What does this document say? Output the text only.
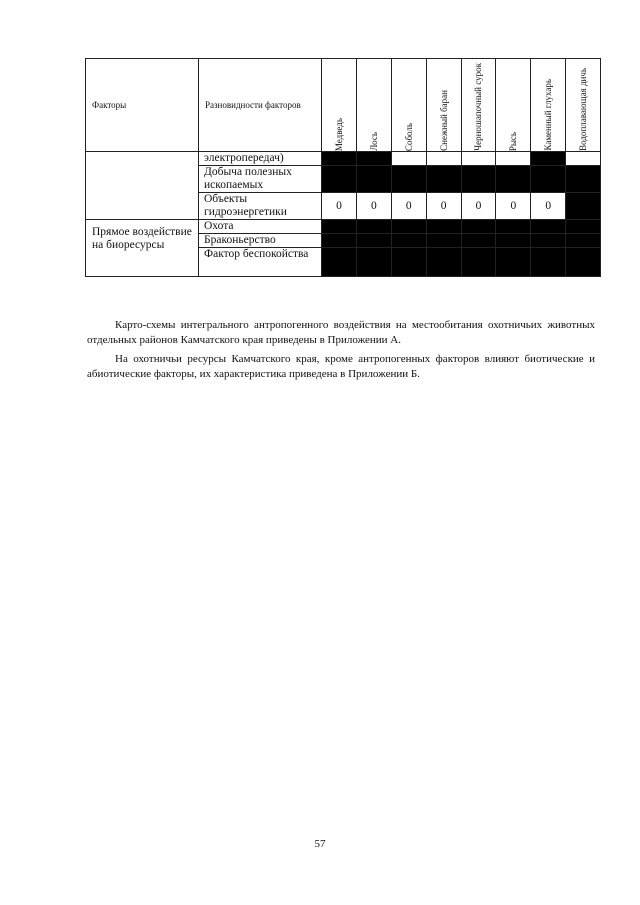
Факторы	Разновидности факторов	Медведь	Лось	Соболь	Снежный баран	Черношапочный сурок	Рысь	Каменный глухарь	Водоплавающая дичь

	электропередач)								
	Добыча полезных ископаемых								
	Объекты гидроэнергетики	0	0	0	0	0	0	0	
Прямое воздействие на биоресурсы	Охота								
	Браконьерство								
	Фактор беспокойства								

Карто-схемы интегрального антропогенного воздействия на местообитания охотничьих животных отдельных районов Камчатского края приведены в Приложении А.

На охотничьи ресурсы Камчатского края, кроме антропогенных факторов влияют биотические и абиотические факторы, их характеристика приведена в Приложении Б.

57
